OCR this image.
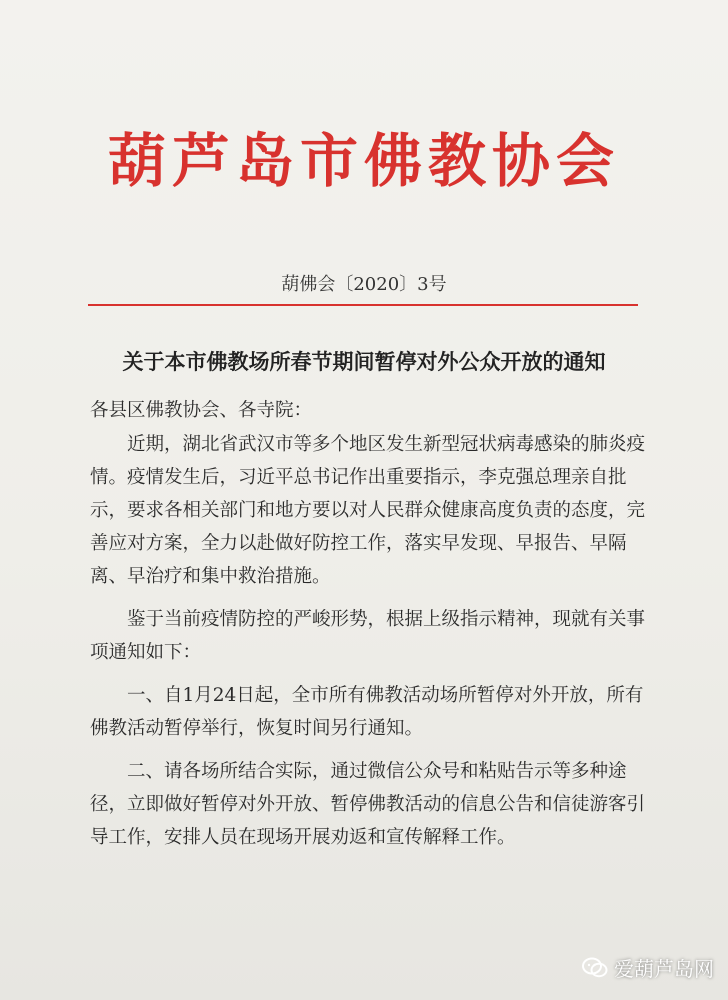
葫芦岛市佛教协会
葫佛会〔2020〕3号
关于本市佛教场所春节期间暂停对外公众开放的通知

各县区佛教协会、各寺院：

近期，湖北省武汉市等多个地区发生新型冠状病毒感染的肺炎疫情。疫情发生后，习近平总书记作出重要指示，李克强总理亲自批示，要求各相关部门和地方要以对人民群众健康高度负责的态度，完善应对方案，全力以赴做好防控工作，落实早发现、早报告、早隔离、早治疗和集中救治措施。

鉴于当前疫情防控的严峻形势，根据上级指示精神，现就有关事项通知如下：

一、自1月24日起，全市所有佛教活动场所暂停对外开放，所有佛教活动暂停举行，恢复时间另行通知。

二、请各场所结合实际，通过微信公众号和粘贴告示等多种途径，立即做好暂停对外开放、暂停佛教活动的信息公告和信徒游客引导工作，安排人员在现场开展劝返和宣传解释工作。

爱葫芦岛网
